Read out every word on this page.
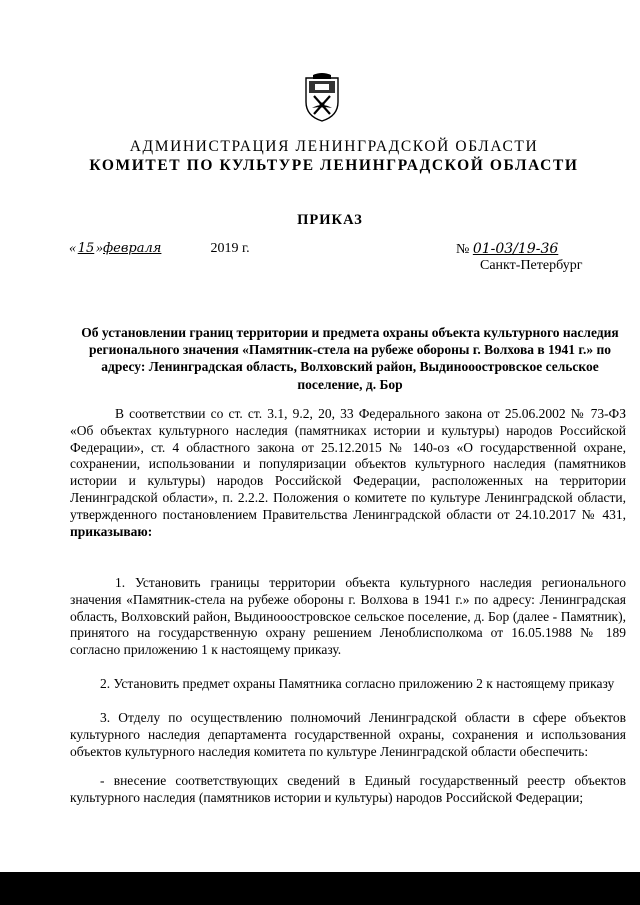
АДМИНИСТРАЦИЯ ЛЕНИНГРАДСКОЙ ОБЛАСТИ
КОМИТЕТ ПО КУЛЬТУРЕ ЛЕНИНГРАДСКОЙ ОБЛАСТИ
ПРИКАЗ
« 15 »февраля	2019 г.	№ 01-03/19-36
Санкт-Петербург
Об установлении границ территории и предмета охраны объекта культурного наследия регионального значения «Памятник-стела на рубеже обороны г. Волхова в 1941 г.» по адресу: Ленинградская область, Волховский район, Выдинооостровское сельское поселение, д. Бор
В соответствии со ст. ст. 3.1, 9.2, 20, 33 Федерального закона от 25.06.2002 № 73-ФЗ «Об объектах культурного наследия (памятниках истории и культуры) народов Российской Федерации», ст. 4 областного закона от 25.12.2015 № 140-оз «О государственной охране, сохранении, использовании и популяризации объектов культурного наследия (памятников истории и культуры) народов Российской Федерации, расположенных на территории Ленинградской области», п. 2.2.2. Положения о комитете по культуре Ленинградской области, утвержденного постановлением Правительства Ленинградской области от 24.10.2017 № 431, приказываю:
1. Установить границы территории объекта культурного наследия регионального значения «Памятник-стела на рубеже обороны г. Волхова в 1941 г.» по адресу: Ленинградская область, Волховский район, Выдинооостровское сельское поселение, д. Бор (далее - Памятник), принятого на государственную охрану решением Леноблисполкома от 16.05.1988 № 189 согласно приложению 1 к настоящему приказу.
2. Установить предмет охраны Памятника согласно приложению 2 к настоящему приказу
3. Отделу по осуществлению полномочий Ленинградской области в сфере объектов культурного наследия департамента государственной охраны, сохранения и использования объектов культурного наследия комитета по культуре Ленинградской области обеспечить:
- внесение соответствующих сведений в Единый государственный реестр объектов культурного наследия (памятников истории и культуры) народов Российской Федерации;
